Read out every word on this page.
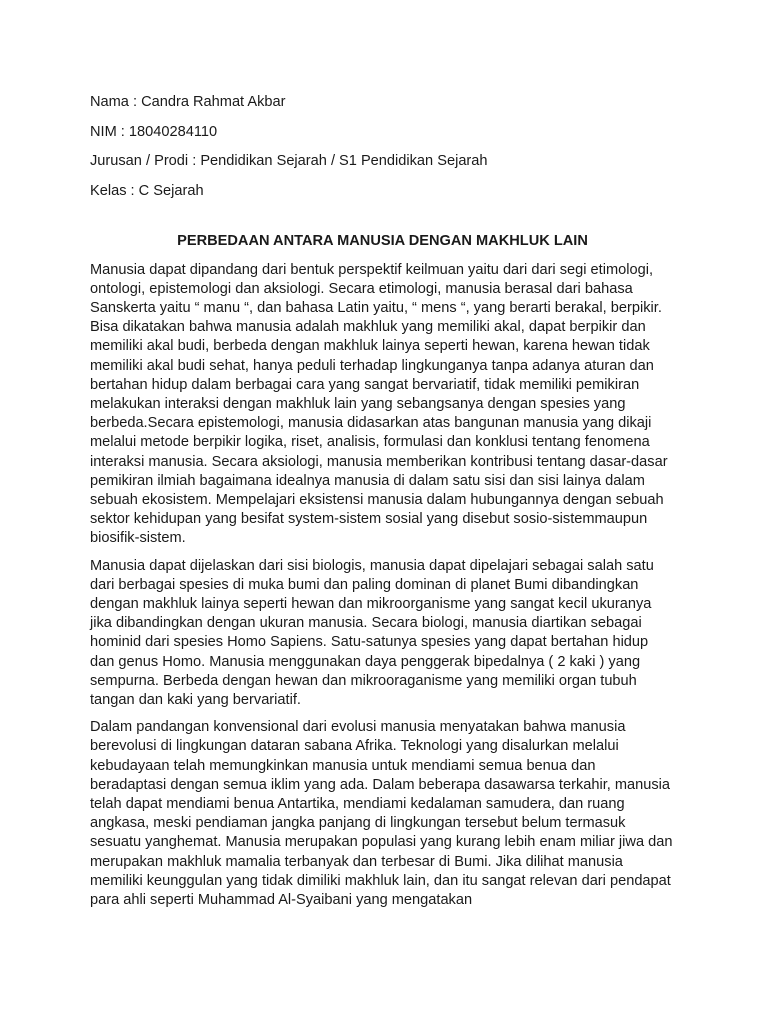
Nama : Candra Rahmat Akbar
NIM : 18040284110
Jurusan / Prodi : Pendidikan Sejarah / S1 Pendidikan Sejarah
Kelas : C Sejarah
PERBEDAAN ANTARA MANUSIA DENGAN MAKHLUK LAIN

Manusia dapat dipandang dari bentuk perspektif keilmuan yaitu dari dari segi etimologi, ontologi, epistemologi dan aksiologi. Secara etimologi, manusia berasal dari bahasa Sanskerta yaitu “ manu “, dan bahasa Latin yaitu, “ mens “, yang berarti berakal, berpikir. Bisa dikatakan bahwa manusia adalah makhluk yang memiliki akal, dapat berpikir dan memiliki akal budi, berbeda dengan makhluk lainya seperti hewan, karena hewan tidak memiliki akal budi sehat, hanya peduli terhadap lingkunganya tanpa adanya aturan dan bertahan hidup dalam berbagai cara yang sangat bervariatif, tidak memiliki pemikiran melakukan interaksi dengan makhluk lain yang sebangsanya dengan spesies yang berbeda.Secara epistemologi, manusia didasarkan atas bangunan manusia yang dikaji melalui metode berpikir logika, riset, analisis, formulasi dan konklusi tentang fenomena interaksi manusia. Secara aksiologi, manusia memberikan kontribusi tentang dasar-dasar pemikiran ilmiah bagaimana idealnya manusia di dalam satu sisi dan sisi lainya dalam sebuah ekosistem. Mempelajari eksistensi manusia dalam hubungannya dengan sebuah sektor kehidupan yang besifat system-sistem sosial yang disebut sosio-sistemmaupun biosifik-sistem.

Manusia dapat dijelaskan dari sisi biologis, manusia dapat dipelajari sebagai salah satu dari berbagai spesies di muka bumi dan paling dominan di planet Bumi dibandingkan dengan makhluk lainya seperti hewan dan mikroorganisme yang sangat kecil ukuranya jika dibandingkan dengan ukuran manusia. Secara biologi, manusia diartikan sebagai hominid dari spesies Homo Sapiens. Satu-satunya spesies yang dapat bertahan hidup dan genus Homo. Manusia menggunakan daya penggerak bipedalnya ( 2 kaki ) yang sempurna. Berbeda dengan hewan dan mikrooraganisme yang memiliki organ tubuh tangan dan kaki yang bervariatif.

Dalam pandangan konvensional dari evolusi manusia menyatakan bahwa manusia berevolusi di lingkungan dataran sabana Afrika. Teknologi yang disalurkan melalui kebudayaan telah memungkinkan manusia untuk mendiami semua benua dan beradaptasi dengan semua iklim yang ada. Dalam beberapa dasawarsa terkahir, manusia telah dapat mendiami benua Antartika, mendiami kedalaman samudera, dan ruang angkasa, meski pendiaman jangka panjang di lingkungan tersebut belum termasuk sesuatu yanghemat. Manusia merupakan populasi yang kurang lebih enam miliar jiwa dan merupakan makhluk mamalia terbanyak dan terbesar di Bumi. Jika dilihat manusia memiliki keunggulan yang tidak dimiliki makhluk lain, dan itu sangat relevan dari pendapat para ahli seperti Muhammad Al-Syaibani yang mengatakan
